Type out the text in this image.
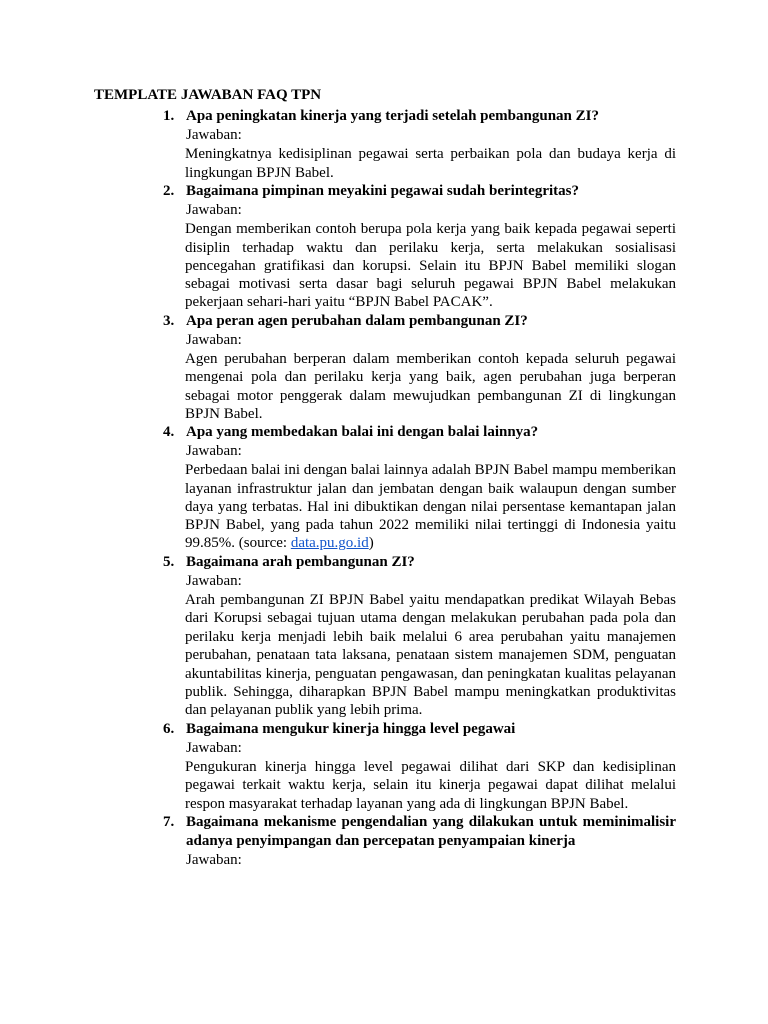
TEMPLATE JAWABAN FAQ TPN
1. Apa peningkatan kinerja yang terjadi setelah pembangunan ZI?
Jawaban:
Meningkatnya kedisiplinan pegawai serta perbaikan pola dan budaya kerja di lingkungan BPJN Babel.
2. Bagaimana pimpinan meyakini pegawai sudah berintegritas?
Jawaban:
Dengan memberikan contoh berupa pola kerja yang baik kepada pegawai seperti disiplin terhadap waktu dan perilaku kerja, serta melakukan sosialisasi pencegahan gratifikasi dan korupsi. Selain itu BPJN Babel memiliki slogan sebagai motivasi serta dasar bagi seluruh pegawai BPJN Babel melakukan pekerjaan sehari-hari yaitu “BPJN Babel PACAK”.
3. Apa peran agen perubahan dalam pembangunan ZI?
Jawaban:
Agen perubahan berperan dalam memberikan contoh kepada seluruh pegawai mengenai pola dan perilaku kerja yang baik, agen perubahan juga berperan sebagai motor penggerak dalam mewujudkan pembangunan ZI di lingkungan BPJN Babel.
4. Apa yang membedakan balai ini dengan balai lainnya?
Jawaban:
Perbedaan balai ini dengan balai lainnya adalah BPJN Babel mampu memberikan layanan infrastruktur jalan dan jembatan dengan baik walaupun dengan sumber daya yang terbatas. Hal ini dibuktikan dengan nilai persentase kemantapan jalan BPJN Babel, yang pada tahun 2022 memiliki nilai tertinggi di Indonesia yaitu 99.85%. (source: data.pu.go.id)
5. Bagaimana arah pembangunan ZI?
Jawaban:
Arah pembangunan ZI BPJN Babel yaitu mendapatkan predikat Wilayah Bebas dari Korupsi sebagai tujuan utama dengan melakukan perubahan pada pola dan perilaku kerja menjadi lebih baik melalui 6 area perubahan yaitu manajemen perubahan, penataan tata laksana, penataan sistem manajemen SDM, penguatan akuntabilitas kinerja, penguatan pengawasan, dan peningkatan kualitas pelayanan publik. Sehingga, diharapkan BPJN Babel mampu meningkatkan produktivitas dan pelayanan publik yang lebih prima.
6. Bagaimana mengukur kinerja hingga level pegawai
Jawaban:
Pengukuran kinerja hingga level pegawai dilihat dari SKP dan kedisiplinan pegawai terkait waktu kerja, selain itu kinerja pegawai dapat dilihat melalui respon masyarakat terhadap layanan yang ada di lingkungan BPJN Babel.
7. Bagaimana mekanisme pengendalian yang dilakukan untuk meminimalisir adanya penyimpangan dan percepatan penyampaian kinerja
Jawaban:
